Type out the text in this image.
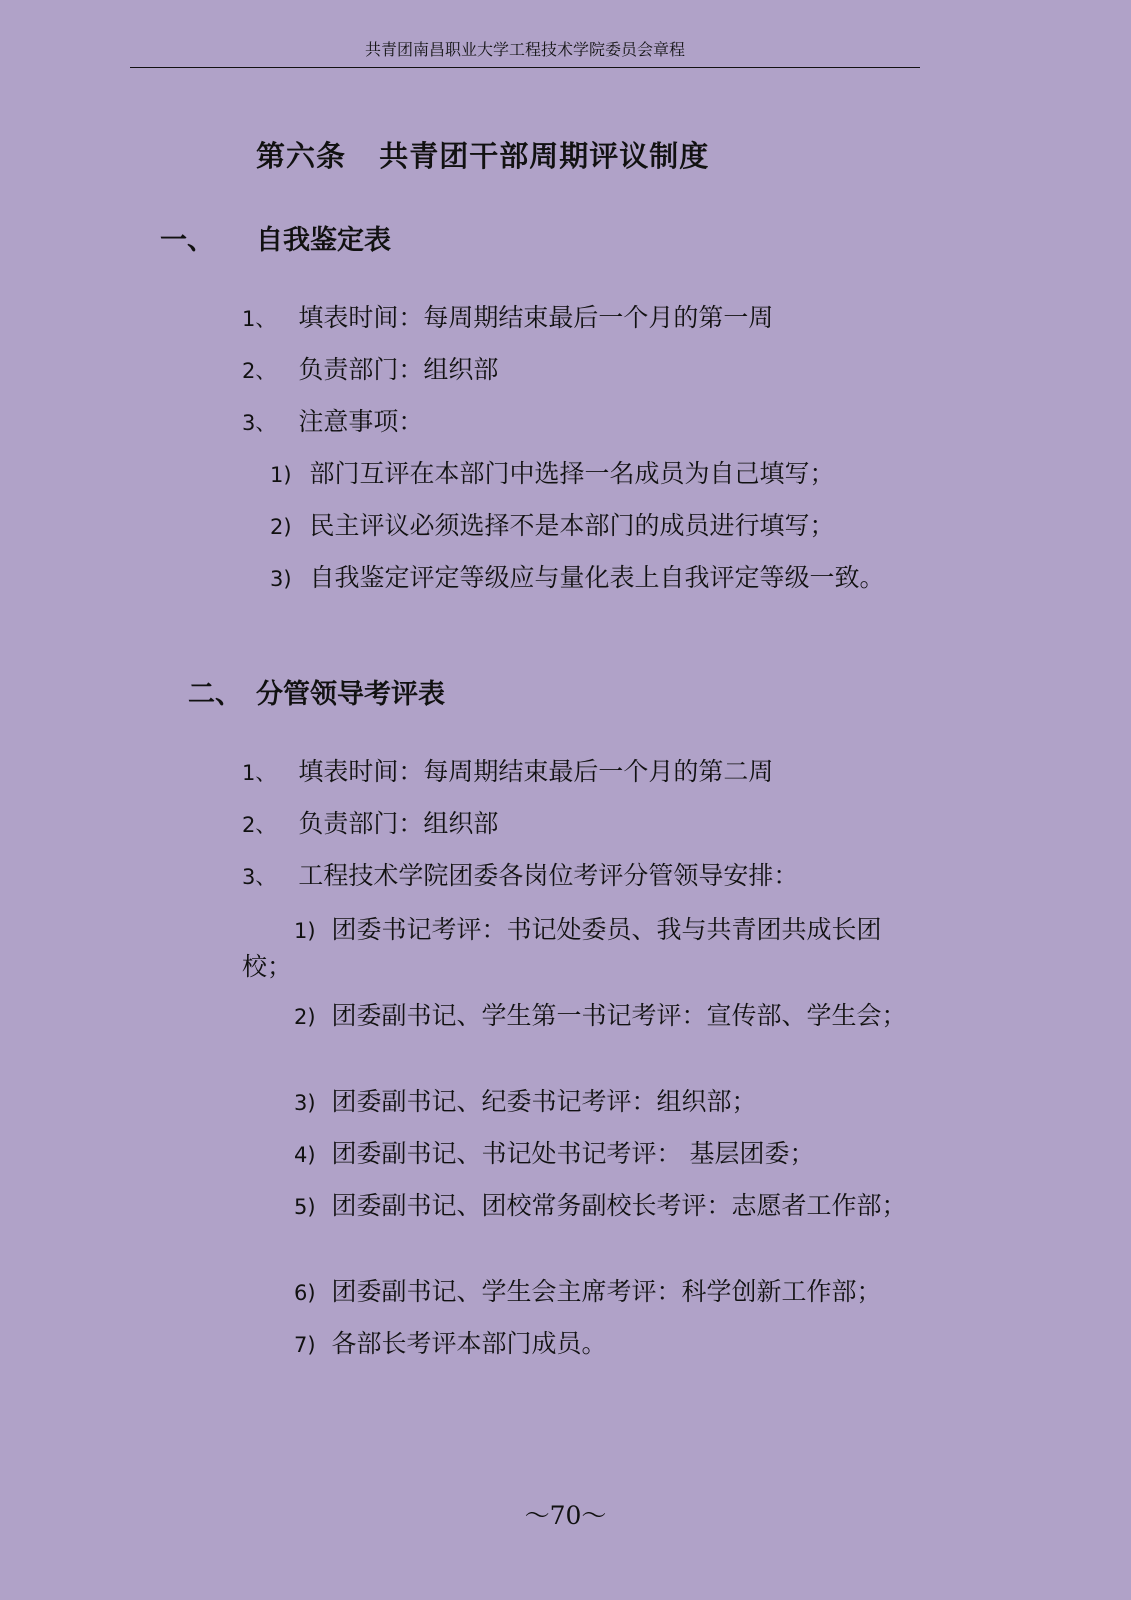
共青团南昌职业大学工程技术学院委员会章程
第六条   共青团干部周期评议制度
一、 自我鉴定表
1、 填表时间：每周期结束最后一个月的第一周
2、 负责部门：组织部
3、 注意事项：
1) 部门互评在本部门中选择一名成员为自己填写；
2) 民主评议必须选择不是本部门的成员进行填写；
3) 自我鉴定评定等级应与量化表上自我评定等级一致。
二、 分管领导考评表
1、 填表时间：每周期结束最后一个月的第二周
2、 负责部门：组织部
3、 工程技术学院团委各岗位考评分管领导安排：
1) 团委书记考评：书记处委员、我与共青团共成长团校；
2) 团委副书记、学生第一书记考评：宣传部、学生会；
3) 团委副书记、纪委书记考评：组织部；
4) 团委副书记、书记处书记考评： 基层团委；
5) 团委副书记、团校常务副校长考评：志愿者工作部；
6) 团委副书记、学生会主席考评：科学创新工作部；
7) 各部长考评本部门成员。
～70～
